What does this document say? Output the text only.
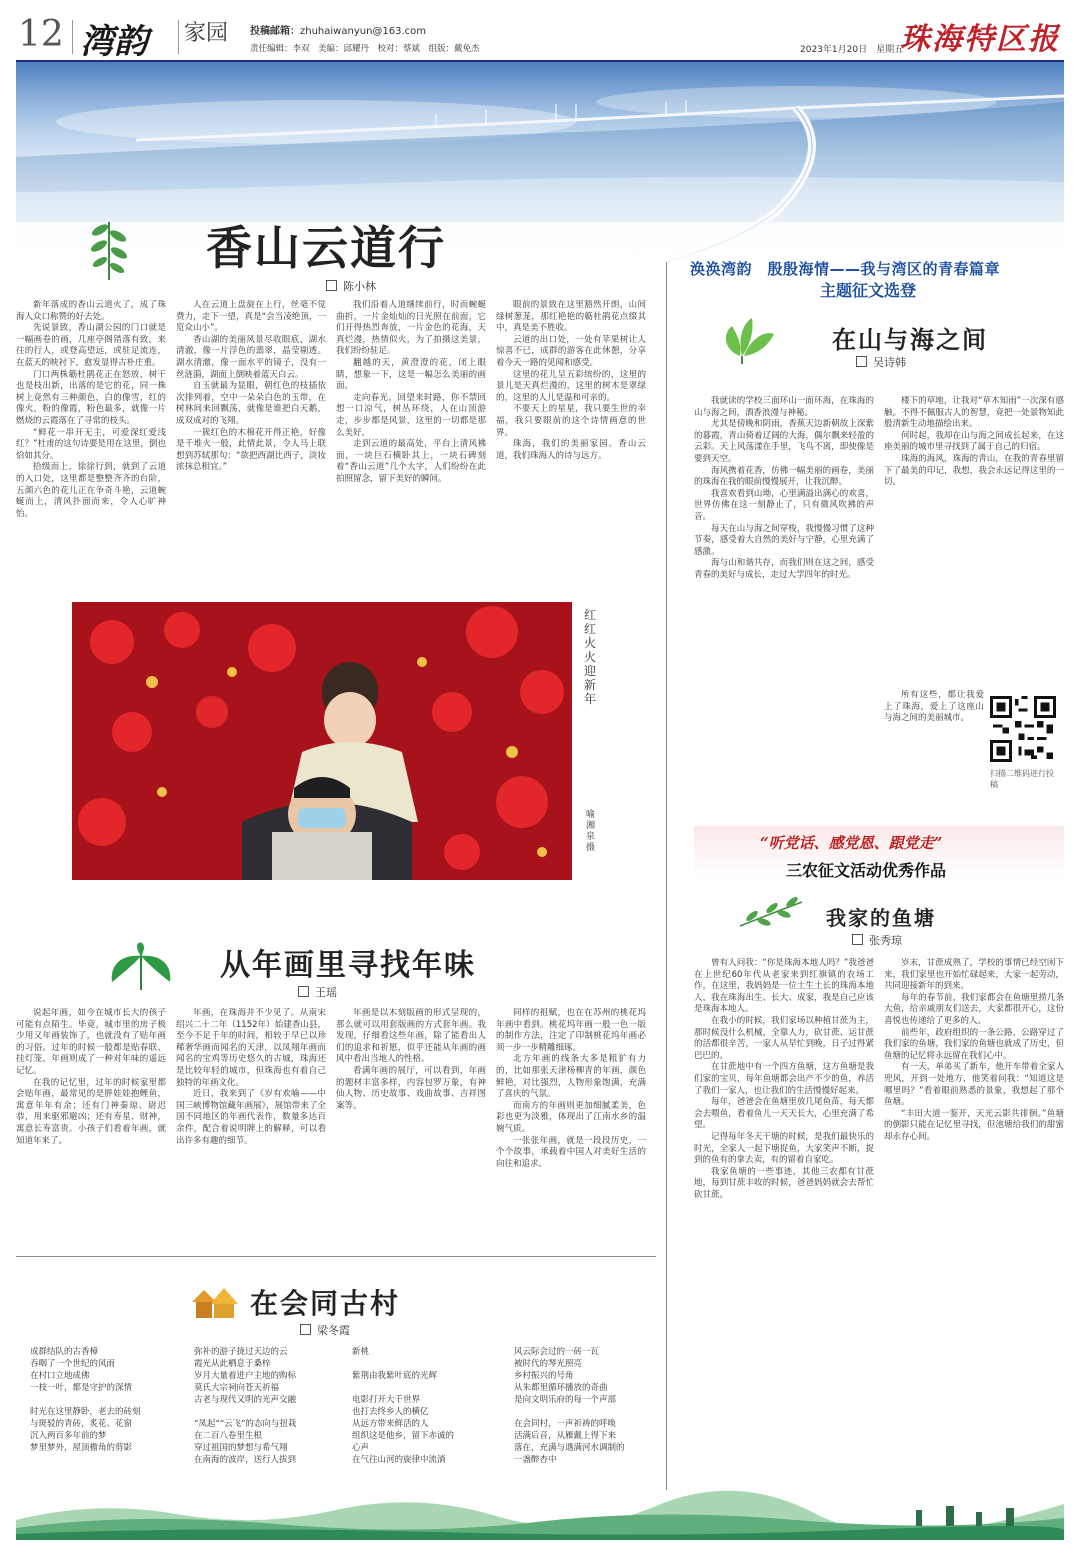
12 湾韵 家园 投稿邮箱：zhuhaiwanyun@163.com
责任编辑：李双　美编：邱耀丹　校对：蔡斌　组版：戴免杰	2023年1月20日　星期五
珠海特区报
香山云道行
陈小林

新年落成的香山云道火了，成了珠海人众口称赞的好去处。

先说景致，香山湖公园的门口就是一幅画卷的画，几座亭阁错落有致，来往的行人，或登高望远，或驻足流连，在蓝天的映衬下，愈发显得古朴庄重。

门口两株簕杜鹃花正在怒放，树干也是枝出新，出落的是它的花，同一株树上竟然有三种颜色，白的像雪，红的像火，粉的像霞，粉色最多，就像一片燃烧的云霞落在了寻常的枝头。

“鲜花一串开无主，可爱深红爱浅红？”杜甫的这句诗要是用在这里，倒也恰如其分。

拾级而上，徐徐行到，就到了云道的入口处，这里都是整整齐齐的台阶，五颜六色的花儿正在争奇斗艳，云道蜿蜒而上，清风扑面而来，令人心旷神怡。

人在云道上盘旋在上行，丝毫不觉费力，走下一望，真是“会当凌绝顶，一览众山小”。

香山湖的美丽风景尽收眼底，湖水清澈，像一片浮色的翡翠，晶莹剔透。湖水清澈，像一面水平的镜子，没有一丝涟漪，湖面上倒映着蓝天白云。

自玉就最为显眼，朝红色的枝插依次排列着，空中一朵朵白色的玉带，在树林间来回飘荡，就像是谁把白天鹅，成双成对的飞翔。

一簇红色的木棉花开得正艳，好像是千堆火一般，此情此景，令人马上联想到苏轼那句：“欲把西湖比西子，淡妆浓抹总相宜。”

我们沿着人道继续前行，时而蜿蜒曲折，一片金灿灿的日光照在前面，它们开得热烈奔放，一片金色的花海，天真烂漫，热情似火，为了拍摄这美景，我们纷纷驻足。

翻越的天，黄澄澄的花，闭上眼睛，想象一下，这是一幅怎么美丽的画面。

走向春光，回望来时路，你不禁回想一口凉气，树丛环绕，人在山顶游走，步步都是风景，这里的一切都是那么美好。

走到云道的最高处，平台上清风拂面，一块巨石横卧其上，一块石碑刻着“香山云道”几个大字，人们纷纷在此拍照留念，留下美好的瞬间。

眼前的景致在这里豁然开朗，山间绿树葱茏，那红艳艳的簕杜鹃花点缀其中，真是美不胜收。

云道的出口处，一处有苹果树让人惊喜不已，成群的游客在此休憩，分享着今天一路的见闻和感受。

这里的花儿呈五彩缤纷的，这里的景儿是天真烂漫的，这里的树木是翠绿的，这里的人儿是温和可亲的。

不要天上的星星，我只要生世的幸福，我只要眼前的这个诗情画意的世界。

珠海，我们的美丽家园。香山云道，我们珠海人的诗与远方。

红红火火迎新年
喻湘泉　摄
从年画里寻找年味
王瑶

说起年画，如今在城市长大的孩子可能有点陌生。毕竟，城市里的房子极少用又年画装饰了，也就没有了贴年画的习俗。过年的时候一般都是贴春联、挂灯笼，年画则成了一种对年味的遥远记忆。

在我的记忆里，过年的时候家里都会贴年画，最常见的是胖娃娃抱鲤鱼，寓意年年有余；还有门神秦琼、尉迟恭，用来驱邪避凶；还有寿星、财神，寓意长寿富贵。小孩子们看着年画，就知道年来了。

年画，在珠海并不少见了。从南宋绍兴二十二年（1152年）始建香山县，至今不足千年的时间，相较于早已以珍稀奢华画而闻名的天津，以凤翔年画而闻名的宝鸡等历史悠久的古城，珠海还是比较年轻的城市，但珠海也有着自己独特的年画文化。

近日，我来到了《岁有欢喻——中国三峡博物馆藏年画展》，展馆带来了全国不同地区的年画代表作，数量多达百余件，配合着说明牌上的解释，可以看出许多有趣的细节。

年画是以木刻版画的形式呈现的，那么就可以用套版画的方式套年画。我发现，仔细看这些年画，除了能看出人们的追求和祈愿，似乎还能从年画的画风中看出当地人的性格。

看满年画的展厅，可以看到，年画的题材丰富多样，内容包罗万象，有神仙人物、历史故事、戏曲故事、吉祥图案等。

同样的祖赋，也在在苏州的桃花坞年画中看到。桃花坞年画一般一色一版的制作方法，注定了印制桃花坞年画必须一步一步精雕细琢。

北方年画的线条大多是粗犷有力的，比如那张天津杨柳青的年画，颜色鲜艳，对比强烈，人物形象饱满，充满了喜庆的气氛。

而南方的年画则更加细腻柔美，色彩也更为淡雅，体现出了江南水乡的温婉气质。

一张张年画，就是一段段历史，一个个故事，承载着中国人对美好生活的向往和追求。

在会同古村
梁冬霞
成群结队的古香樟
吞咽了一个世纪的风雨
在村口立地成佛
一枝一叶，都是守护的深情

时光在这里静卧，老去的砖刻
与斑驳的青砖，炙花、花窗
沉入两百多年前的梦
梦里梦外，屋顶檐角的剪影
弥补的游子拢过天边的云
霞光从此栖息于桑梓
岁月大量着进户主地的购标
莫氏大宗祠向苍天祈福
古老与现代又明的光声交融

“凤起”“云飞”的态向与扭栽
在二百八卷里生根
穿过祖国的梦想与希气翔
在南海的波岸，送行人拔到
新桃

紫荆由我紫叶底的光辉

电影打开大千世界
也打去终乡人的横亿
从远方带来鲜活的人
组织这是他乡，留下赤诚的
心声
在气往山河的旋律中流淌
风云际会过的一砖一瓦
被时代的琴光照亮
乡村振兴的号角
从朱都里循环播放的奇曲
是向文明乐府的每一个声部

在会同村，一声祈祷的呼唤
活满后音，从雁戴上得下来
落在，充满与遇满河水调制的
一盏醉杏中
涣涣湾韵　殷殷海情——我与湾区的青春篇章
主题征文选登
在山与海之间
吴诗韩

我就读的学校三面环山一面环海，在珠海的山与海之间，酒香浪漫与神秘。

尤其是傍晚和阴雨，香蕉天边新朝故上深紫的暮霞，青山倚着辽阔的大海，偶尔飘来轻盈的云彩。天上风荡漾在手里，飞鸟不离，即使像是要到天空。

海风携着花香，仿佛一幅美丽的画卷，美丽的珠海在我的眼前慢慢展开，让我沉醉。

我喜欢看到山坳，心里满溢出满心的欢喜，世界仿佛在这一刻静止了，只有微风吹拂的声音。

每天在山与海之间穿梭，我慢慢习惯了这种节奏，感受着大自然的美好与宁静，心里充满了感激。

海与山和谐共存，而我们则在这之间，感受青春的美好与成长，走过大学四年的时光。

楼下的草地，让我对“草木知雨”一次深有感触。不得不佩服古人的智慧，竟把一处景物知此般清新生动地描绘出来。

何时起，我却在山与海之间成长起来，在这座美丽的城市里寻找到了属于自己的归宿。

珠海的海风，珠海的青山，在我的青春里留下了最美的印记，我想，我会永远记得这里的一切。

所有这些，都让我爱上了珠海，爱上了这座山与海之间的美丽城市。

扫描二维码进行投稿
“听党话、感党恩、跟党走”
三农征文活动优秀作品
我家的鱼塘
张秀琼

曾有人问我：“你是珠海本地人吗？”我爸爸在上世纪60年代从老家来到红旗镇的农场工作，在这里，我妈妈是一位土生土长的珠海本地人，我在珠海出生、长大、成家，我是自己应该是珠海本地人。

在我小的时候，我们家场以种植甘蔗为主，那时候没什么机械，全靠人力，砍甘蔗、运甘蔗的活都很辛苦，一家人从早忙到晚，日子过得紧巴巴的。

在甘蔗地中有一个四方鱼塘，这方鱼塘是我们家的宝贝，每年鱼塘都会出产不少的鱼，养活了我们一家人，也让我们的生活慢慢好起来。

每年，爸爸会在鱼塘里放几尾鱼苗，每天都会去喂鱼，看着鱼儿一天天长大，心里充满了希望。

记得每年冬天干塘的时候，是我们最快乐的时光，全家人一起下塘捉鱼，大家笑声不断，捉到的鱼有的拿去卖，有的留着自家吃。

我家鱼塘的一些事迹，其他三农都有甘蔗地，每到甘蔗丰收的时候，爸爸妈妈就会去帮忙砍甘蔗。

岁末，甘蔗成熟了，学校的事情已经空闲下来，我们家里也开始忙碌起来，大家一起劳动，共同迎接新年的到来。

每年的春节前，我们家都会在鱼塘里捞几条大鱼，给亲戚朋友们送去，大家都很开心，这份喜悦也传递给了更多的人。

前些年，政府组织的一条公路，公路穿过了我们家的鱼塘，我们家的鱼塘也就成了历史，但鱼塘的记忆将永远留在我们心中。

有一天，单弟买了新车，他开车带着全家人兜风，开到一处地方，他笑着问我：“知道这是哪里吗？”看着眼前熟悉的景象，我想起了那个鱼塘。

“丰田大道一鉴开，天光云影共徘徊。”鱼塘的倒影只能在记忆里寻找，但池塘给我们的甜蜜却永存心间。
